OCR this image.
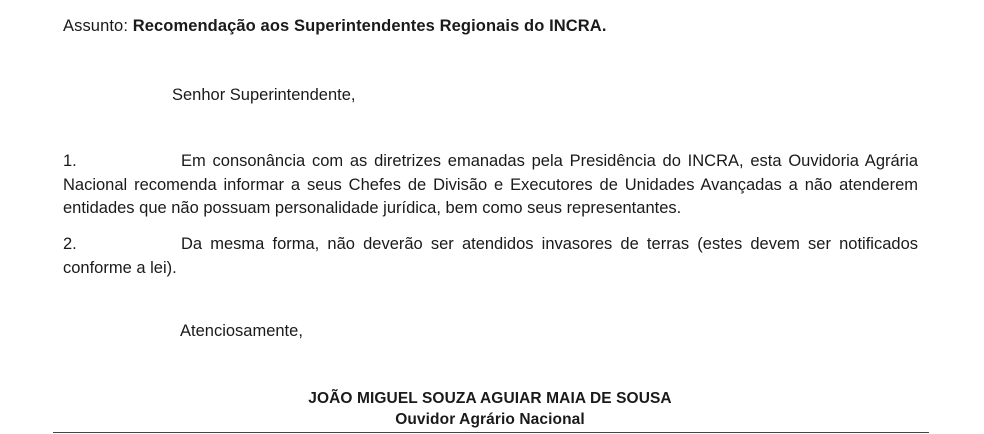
Assunto: Recomendação aos Superintendentes Regionais do INCRA.
Senhor Superintendente,
1.	Em consonância com as diretrizes emanadas pela Presidência do INCRA, esta Ouvidoria Agrária Nacional recomenda informar a seus Chefes de Divisão e Executores de Unidades Avançadas a não atenderem entidades que não possuam personalidade jurídica, bem como seus representantes.
2.	Da mesma forma, não deverão ser atendidos invasores de terras (estes devem ser notificados conforme a lei).
Atenciosamente,
JOÃO MIGUEL SOUZA AGUIAR MAIA DE SOUSA
Ouvidor Agrário Nacional
